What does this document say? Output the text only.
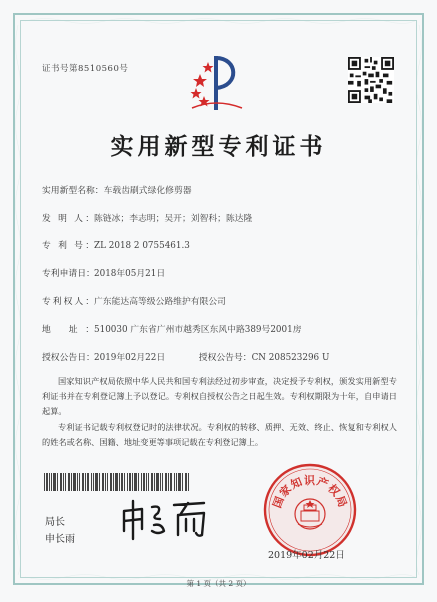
证书号第8510560号
实用新型专利证书
实用新型名称：车载齿刷式绿化修剪器
发 明 人：陈链冰；李志明；吴开；刘智科；陈达隆
专 利 号：ZL 2018 2 0755461.3
专利申请日：2018年05月21日
专利权人：广东能达高等级公路维护有限公司
地 址：510030 广东省广州市越秀区东风中路389号2001房
授权公告日：2019年02月22日	授权公告号：CN 208523296 U
国家知识产权局依照中华人民共和国专利法经过初步审查，决定授予专利权，颁发实用新型专利证书并在专利登记簿上予以登记。专利权自授权公告之日起生效。专利权期限为十年，自申请日起算。
专利证书记载专利权登记时的法律状况。专利权的转移、质押、无效、终止、恢复和专利权人的姓名或名称、国籍、地址变更等事项记载在专利登记簿上。
局长
申长雨
国家知识产权局
2019年02月22日
第 1 页（共 2 页）
